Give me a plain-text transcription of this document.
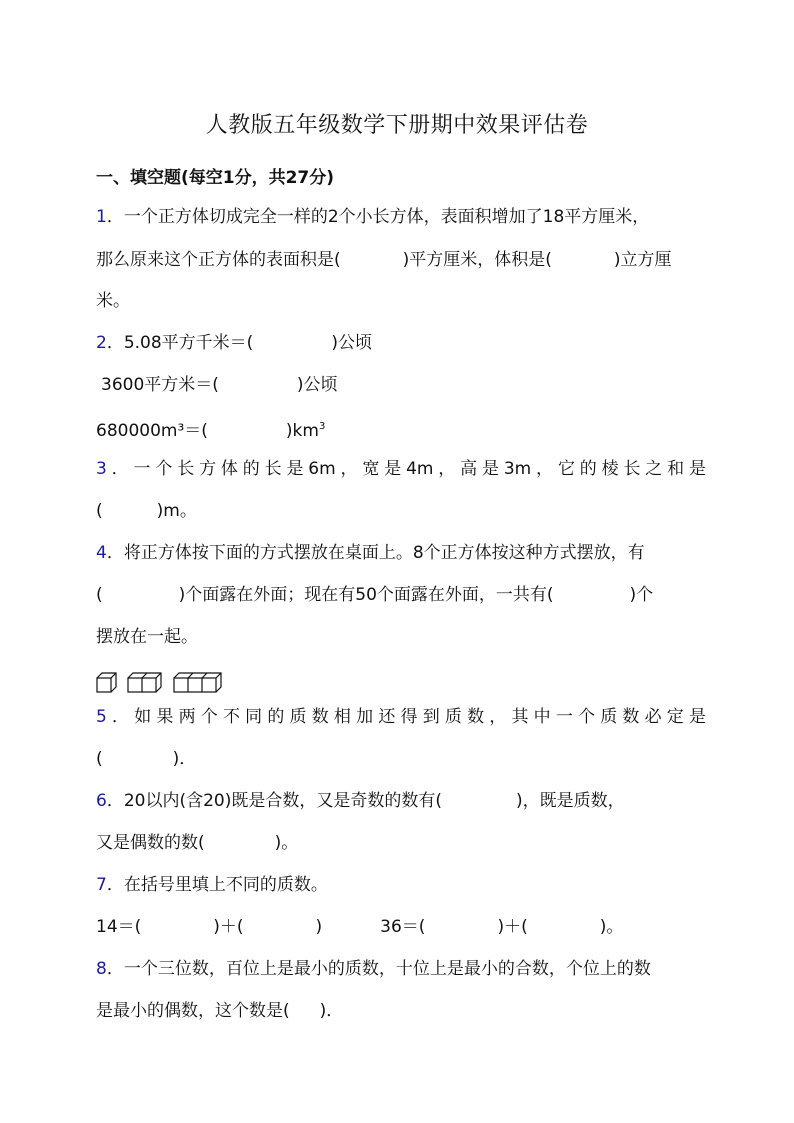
人教版五年级数学下册期中效果评估卷
一、填空题(每空1分，共27分)
1．一个正方体切成完全一样的2个小长方体，表面积增加了18平方厘米，
那么原来这个正方体的表面积是(	)平方厘米，体积是(	)立方厘
米。
2．5.08平方千米＝(	)公顷
3600平方米＝(	)公顷
680000m³＝(	)$km^3$
3．一个长方体的长是6m，宽是4m，高是3m，它的棱长之和是
(	)m。
4．将正方体按下面的方式摆放在桌面上。8个正方体按这种方式摆放，有
(	)个面露在外面；现在有50个面露在外面，一共有(	)个
摆放在一起。
5．如果两个不同的质数相加还得到质数，其中一个质数必定是
(	)．
6．20以内(含20)既是合数，又是奇数的数有(	)，既是质数，
又是偶数的数(	)。
7．在括号里填上不同的质数。
14＝(	)＋(	)	36＝(	)＋(	)。
8．一个三位数，百位上是最小的质数，十位上是最小的合数，个位上的数
是最小的偶数，这个数是( )．
